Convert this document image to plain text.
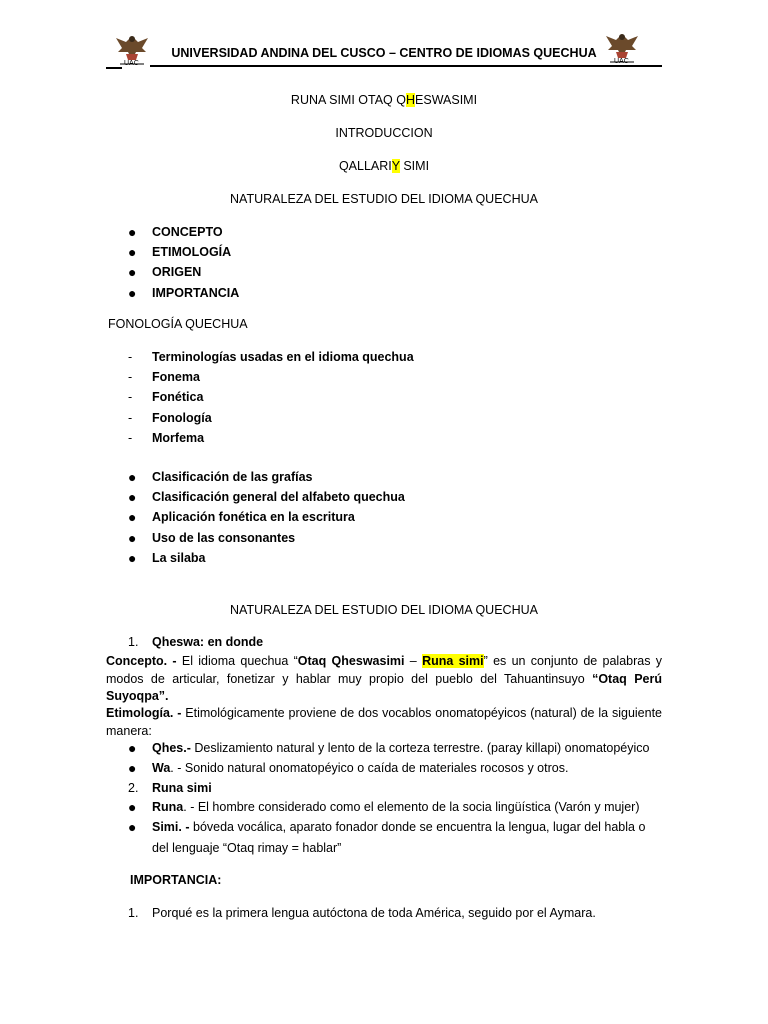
UAC	UAC
UNIVERSIDAD ANDINA DEL CUSCO – CENTRO DE IDIOMAS QUECHUA
RUNA SIMI OTAQ QHESWASIMI
INTRODUCCION
QALLARIY SIMI
NATURALEZA DEL ESTUDIO DEL IDIOMA QUECHUA
● CONCEPTO
● ETIMOLOGÍA
● ORIGEN
● IMPORTANCIA
FONOLOGÍA QUECHUA
- Terminologías usadas en el idioma quechua
- Fonema
- Fonética
- Fonología
- Morfema
● Clasificación de las grafías
● Clasificación general del alfabeto quechua
● Aplicación fonética en la escritura
● Uso de las consonantes
● La silaba
NATURALEZA DEL ESTUDIO DEL IDIOMA QUECHUA
1. Qheswa: en donde
Concepto. - El idioma quechua “Otaq Qheswasimi – Runa simi” es un conjunto de palabras y modos de articular, fonetizar y hablar muy propio del pueblo del Tahuantinsuyo “Otaq Perú Suyoqpa”.
Etimología. - Etimológicamente proviene de dos vocablos onomatopéyicos (natural) de la siguiente manera:
● Qhes.- Deslizamiento natural y lento de la corteza terrestre. (paray killapi) onomatopéyico
● Wa. - Sonido natural onomatopéyico o caída de materiales rocosos y otros.
2. Runa simi
● Runa. - El hombre considerado como el elemento de la socia lingüística (Varón y mujer)
● Simi. - bóveda vocálica, aparato fonador donde se encuentra la lengua, lugar del habla o
del lenguaje “Otaq rimay = hablar”
IMPORTANCIA:
1. Porqué es la primera lengua autóctona de toda América, seguido por el Aymara.
